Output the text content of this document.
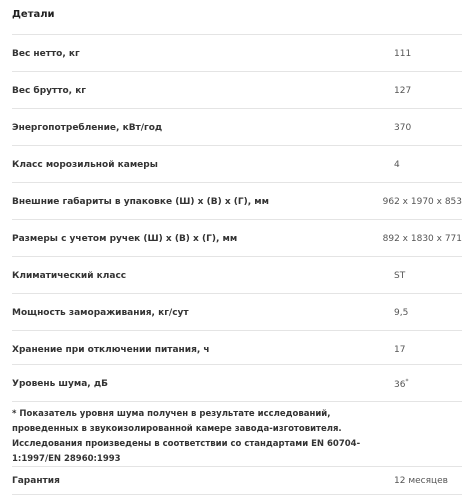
Детали
Вес нетто, кг	111
Вес брутто, кг	127
Энергопотребление, кВт/год	370
Класс морозильной камеры	4
Внешние габариты в упаковке (Ш) х (В) х (Г), мм	962 x 1970 x 853
Размеры с учетом ручек (Ш) х (В) х (Г), мм	892 x 1830 x 771
Климатический класс	ST
Мощность замораживания, кг/сут	9,5
Хранение при отключении питания, ч	17
Уровень шума, дБ	36*
* Показатель уровня шума получен в результате исследований, проведенных в звукоизолированной камере завода-изготовителя. Исследования произведены в соответствии со стандартами EN 60704-1:1997/EN 28960:1993
Гарантия	12 месяцев
